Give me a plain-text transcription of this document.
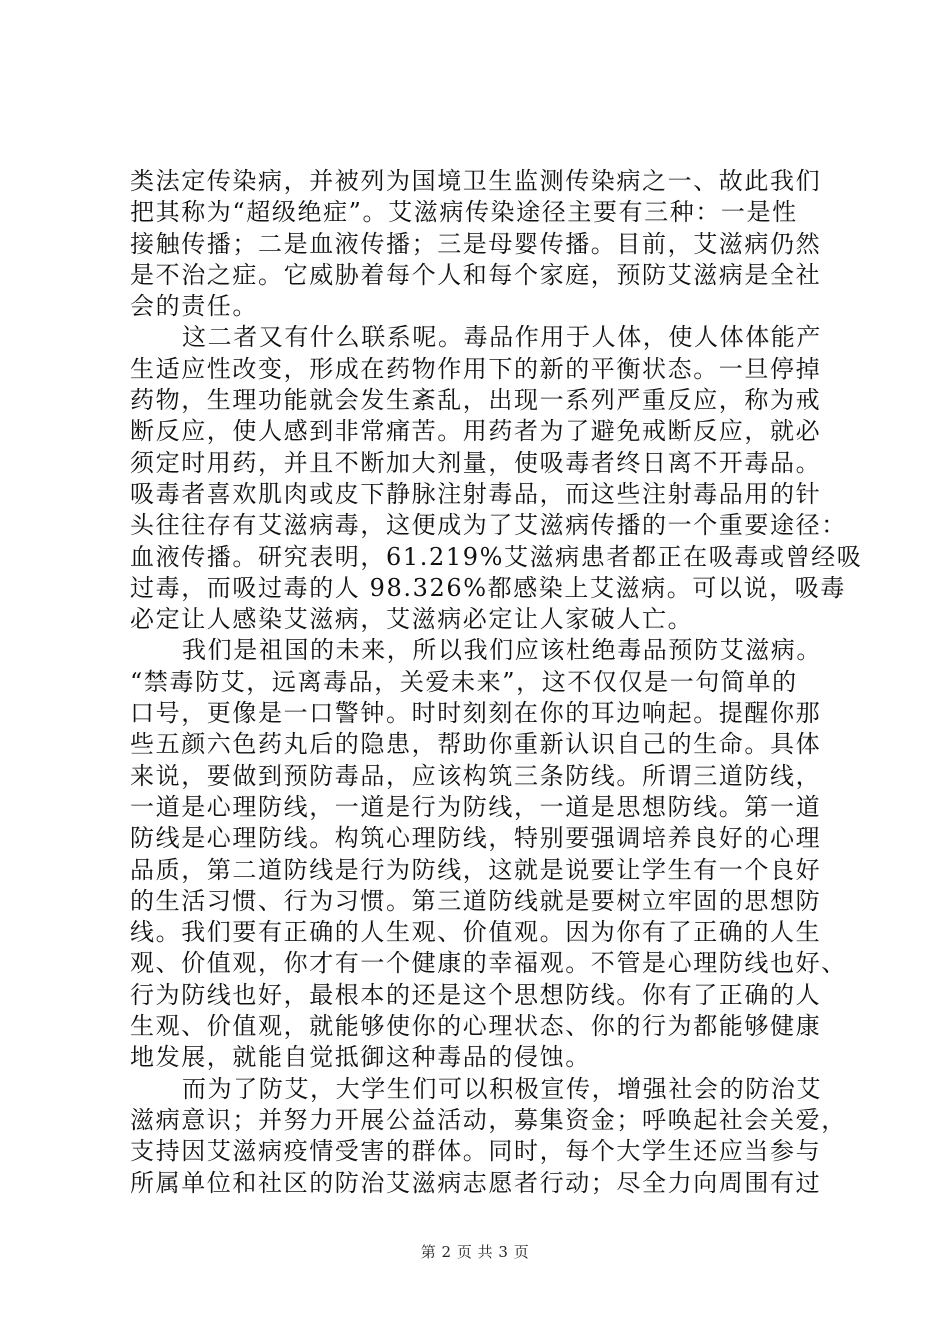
类法定传染病，并被列为国境卫生监测传染病之一、故此我们
把其称为“超级绝症”。艾滋病传染途径主要有三种：一是性
接触传播；二是血液传播；三是母婴传播。目前，艾滋病仍然
是不治之症。它威胁着每个人和每个家庭，预防艾滋病是全社
会的责任。
这二者又有什么联系呢。毒品作用于人体，使人体体能产
生适应性改变，形成在药物作用下的新的平衡状态。一旦停掉
药物，生理功能就会发生紊乱，出现一系列严重反应，称为戒
断反应，使人感到非常痛苦。用药者为了避免戒断反应，就必
须定时用药，并且不断加大剂量，使吸毒者终日离不开毒品。
吸毒者喜欢肌肉或皮下静脉注射毒品，而这些注射毒品用的针
头往往存有艾滋病毒，这便成为了艾滋病传播的一个重要途径：
血液传播。研究表明，61.219%艾滋病患者都正在吸毒或曾经吸
过毒，而吸过毒的人 98.326%都感染上艾滋病。可以说，吸毒
必定让人感染艾滋病，艾滋病必定让人家破人亡。
我们是祖国的未来，所以我们应该杜绝毒品预防艾滋病。
“禁毒防艾，远离毒品，关爱未来”，这不仅仅是一句简单的
口号，更像是一口警钟。时时刻刻在你的耳边响起。提醒你那
些五颜六色药丸后的隐患，帮助你重新认识自己的生命。具体
来说，要做到预防毒品，应该构筑三条防线。所谓三道防线，
一道是心理防线，一道是行为防线，一道是思想防线。第一道
防线是心理防线。构筑心理防线，特别要强调培养良好的心理
品质，第二道防线是行为防线，这就是说要让学生有一个良好
的生活习惯、行为习惯。第三道防线就是要树立牢固的思想防
线。我们要有正确的人生观、价值观。因为你有了正确的人生
观、价值观，你才有一个健康的幸福观。不管是心理防线也好、
行为防线也好，最根本的还是这个思想防线。你有了正确的人
生观、价值观，就能够使你的心理状态、你的行为都能够健康
地发展，就能自觉抵御这种毒品的侵蚀。
而为了防艾，大学生们可以积极宣传，增强社会的防治艾
滋病意识；并努力开展公益活动，募集资金；呼唤起社会关爱，
支持因艾滋病疫情受害的群体。同时，每个大学生还应当参与
所属单位和社区的防治艾滋病志愿者行动；尽全力向周围有过
第 2 页 共 3 页
